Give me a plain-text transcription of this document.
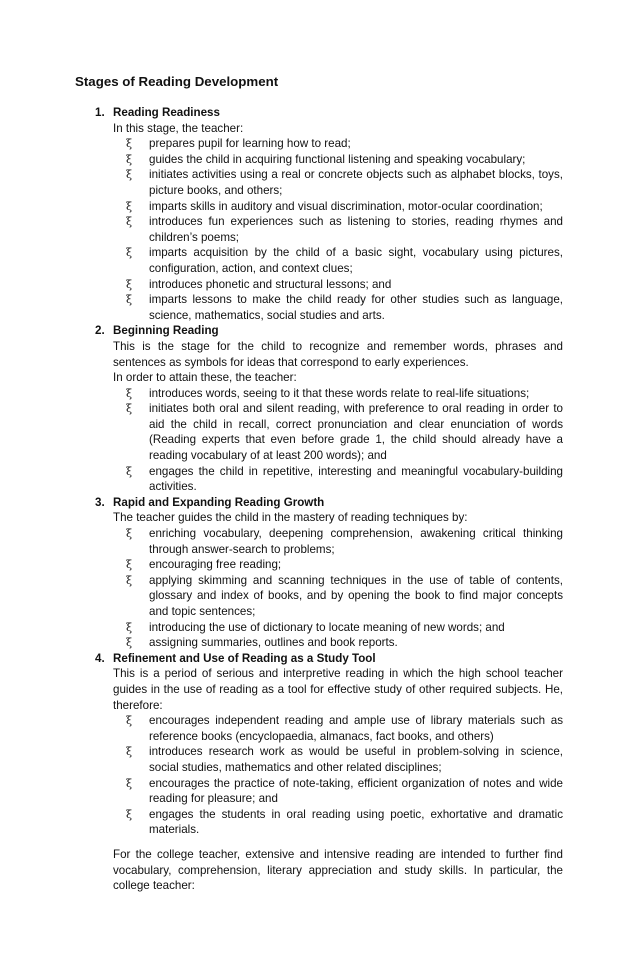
Stages of Reading Development
1. Reading Readiness
In this stage, the teacher:
ξ	prepares pupil for learning how to read;
ξ	guides the child in acquiring functional listening and speaking vocabulary;
ξ	initiates activities using a real or concrete objects such as alphabet blocks, toys, picture books, and others;
ξ	imparts skills in auditory and visual discrimination, motor-ocular coordination;
ξ	introduces fun experiences such as listening to stories, reading rhymes and children’s poems;
ξ	imparts acquisition by the child of a basic sight, vocabulary using pictures, configuration, action, and context clues;
ξ	introduces phonetic and structural lessons; and
ξ	imparts lessons to make the child ready for other studies such as language, science, mathematics, social studies and arts.
2. Beginning Reading
This is the stage for the child to recognize and remember words, phrases and sentences as symbols for ideas that correspond to early experiences.
In order to attain these, the teacher:
ξ	introduces words, seeing to it that these words relate to real-life situations;
ξ	initiates both oral and silent reading, with preference to oral reading in order to aid the child in recall, correct pronunciation and clear enunciation of words (Reading experts that even before grade 1, the child should already have a reading vocabulary of at least 200 words); and
ξ	engages the child in repetitive, interesting and meaningful vocabulary-building activities.
3. Rapid and Expanding Reading Growth
The teacher guides the child in the mastery of reading techniques by:
ξ	enriching vocabulary, deepening comprehension, awakening critical thinking through answer-search to problems;
ξ	encouraging free reading;
ξ	applying skimming and scanning techniques in the use of table of contents, glossary and index of books, and by opening the book to find major concepts and topic sentences;
ξ	introducing the use of dictionary to locate meaning of new words; and
ξ	assigning summaries, outlines and book reports.
4. Refinement and Use of Reading as a Study Tool
This is a period of serious and interpretive reading in which the high school teacher guides in the use of reading as a tool for effective study of other required subjects. He, therefore:
ξ	encourages independent reading and ample use of library materials such as reference books (encyclopaedia, almanacs, fact books, and others)
ξ	introduces research work as would be useful in problem-solving in science, social studies, mathematics and other related disciplines;
ξ	encourages the practice of note-taking, efficient organization of notes and wide reading for pleasure; and
ξ	engages the students in oral reading using poetic, exhortative and dramatic materials.
For the college teacher, extensive and intensive reading are intended to further find vocabulary, comprehension, literary appreciation and study skills. In particular, the college teacher:
